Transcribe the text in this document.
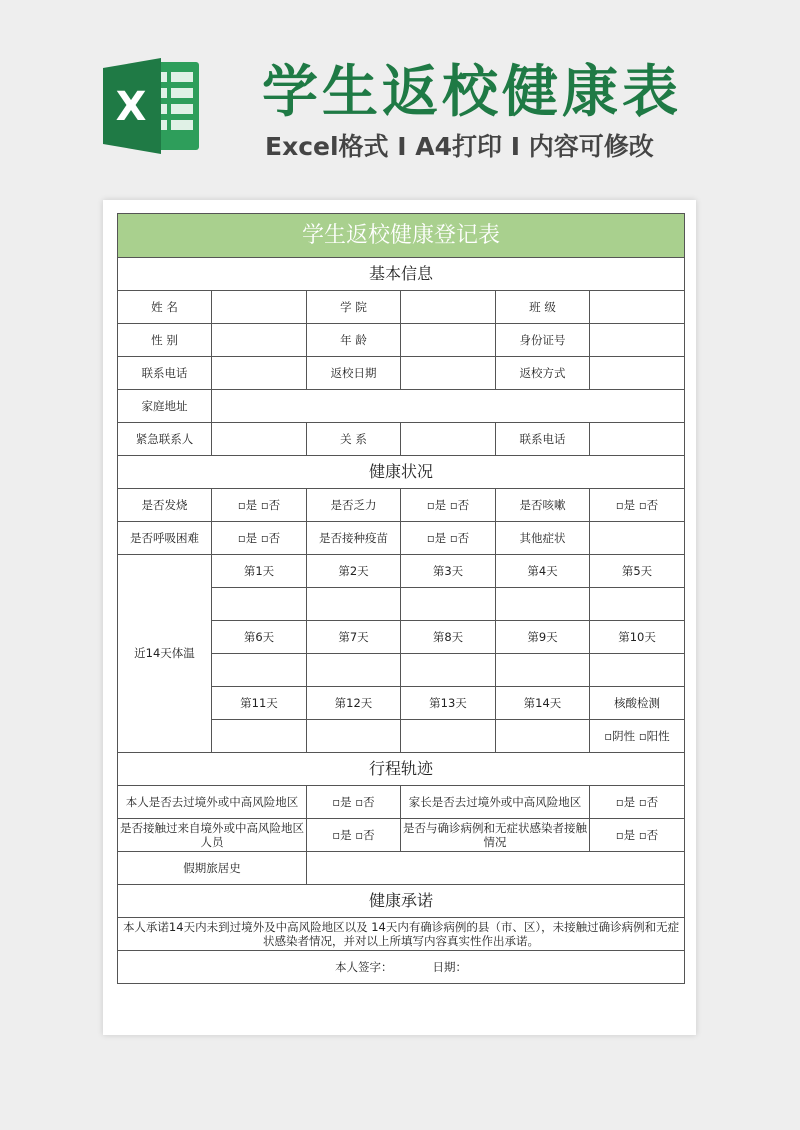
X 学生返校健康表
Excel格式 Ⅰ A4打印 Ⅰ 内容可修改
学生返校健康登记表					
基本信息					
姓 名		学 院		班 级	
性 别		年 龄		身份证号	
联系电话		返校日期		返校方式	
家庭地址					
紧急联系人		关 系		联系电话	
健康状况					
是否发烧	▫是 ▫否	是否乏力	▫是 ▫否	是否咳嗽	▫是 ▫否
是否呼吸困难	▫是 ▫否	是否接种疫苗	▫是 ▫否	其他症状	
近14天体温	第1天	第2天	第3天	第4天	第5天

	第6天	第7天	第8天	第9天	第10天

	第11天	第12天	第13天	第14天	核酸检测
					▫阴性 ▫阳性
行程轨迹					
本人是否去过境外或中高风险地区		▫是 ▫否	家长是否去过境外或中高风险地区		▫是 ▫否
是否接触过来自境外或中高风险地区人员		▫是 ▫否	是否与确诊病例和无症状感染者接触情况		▫是 ▫否
假期旅居史					
健康承诺					
本人承诺14天内未到过境外及中高风险地区以及 14天内有确诊病例的县（市、区），未接触过确诊病例和无症状感染者情况，并对以上所填写内容真实性作出承诺。					
本人签字： 日期：					
